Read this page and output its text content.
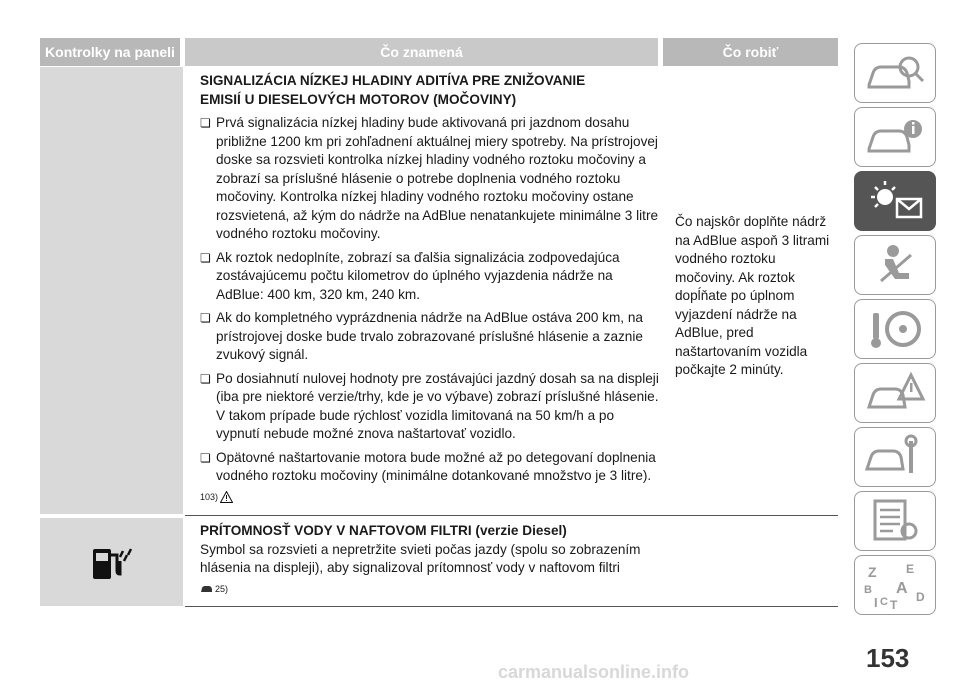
Kontrolky na paneli	Čo znamená	Čo robiť

SIGNALIZÁCIA NÍZKEJ HLADINY ADITÍVA PRE ZNIŽOVANIE

EMISIÍ U DIESELOVÝCH MOTOROV (MOČOVINY)

❏ Prvá signalizácia nízkej hladiny bude aktivovaná pri jazdnom dosahu približne 1200 km pri zohľadnení aktuálnej miery spotreby. Na prístrojovej doske sa rozsvieti kontrolka nízkej hladiny vodného roztoku močoviny a zobrazí sa príslušné hlásenie o potrebe doplnenia vodného roztoku močoviny. Kontrolka nízkej hladiny vodného roztoku močoviny ostane rozsvietená, až kým do nádrže na AdBlue nenatankujete minimálne 3 litre vodného roztoku močoviny.
❏ Ak roztok nedoplníte, zobrazí sa ďalšia signalizácia zodpovedajúca zostávajúcemu počtu kilometrov do úplného vyjazdenia nádrže na AdBlue: 400 km, 320 km, 240 km.
❏ Ak do kompletného vyprázdnenia nádrže na AdBlue ostáva 200 km, na prístrojovej doske bude trvalo zobrazované príslušné hlásenie a zaznie zvukový signál.
❏ Po dosiahnutí nulovej hodnoty pre zostávajúci jazdný dosah sa na displeji (iba pre niektoré verzie/trhy, kde je vo výbave) zobrazí príslušné hlásenie. V takom prípade bude rýchlosť vozidla limitovaná na 50 km/h a po vypnutí nebude možné znova naštartovať vozidlo.
❏ Opätovné naštartovanie motora bude možné až po detegovaní doplnenia vodného roztoku močoviny (minimálne dotankované množstvo je 3 litre).
103)
Čo najskôr doplňte nádrž na AdBlue aspoň 3 litrami vodného roztoku močoviny. Ak roztok dopĺňate po úplnom vyjazdení nádrže na AdBlue, pred naštartovaním vozidla počkajte 2 minúty.

PRÍTOMNOSŤ VODY V NAFTOVOM FILTRI (verzie Diesel)

Symbol sa rozsvieti a nepretržite svieti počas jazdy (spolu so zobrazením hlásenia na displeji), aby signalizoval prítomnosť vody v naftovom filtri
25)
Z E
B A
I C T
D
153
carmanualsonline.info
